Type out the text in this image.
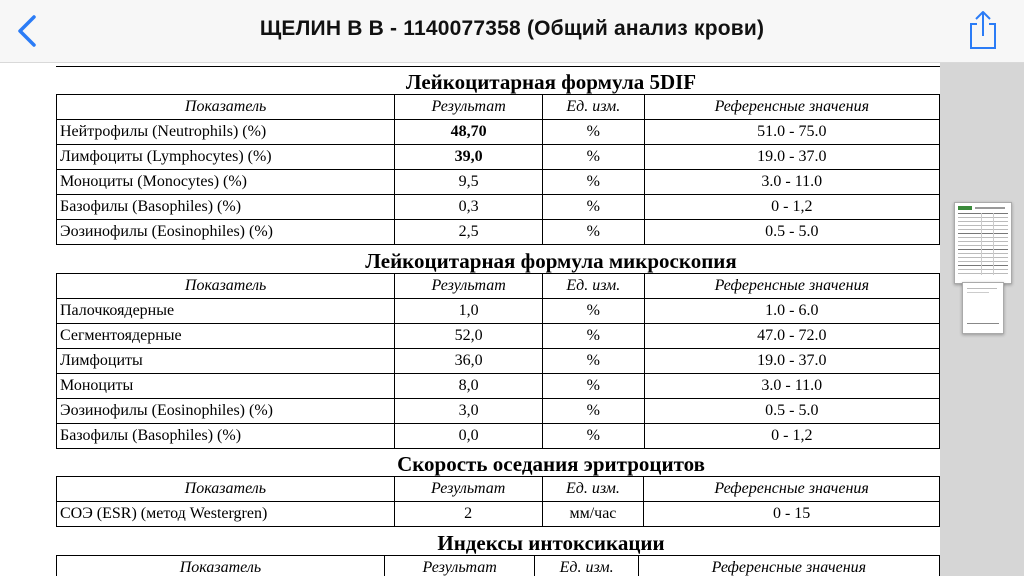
ЩЕЛИН В В - 1140077358 (Общий анализ крови)
Лейкоцитарная формула 5DIF
Показатель	Результат	Ед. изм.	Референсные значения
Нейтрофилы (Neutrophils) (%)	48,70	%	51.0 - 75.0
Лимфоциты (Lymphocytes) (%)	39,0	%	19.0 - 37.0
Моноциты (Monocytes) (%)	9,5	%	3.0 - 11.0
Базофилы (Basophiles) (%)	0,3	%	0 - 1,2
Эозинофилы (Eosinophiles) (%)	2,5	%	0.5 - 5.0
Лейкоцитарная формула микроскопия
Показатель	Результат	Ед. изм.	Референсные значения
Палочкоядерные	1,0	%	1.0 - 6.0
Сегментоядерные	52,0	%	47.0 - 72.0
Лимфоциты	36,0	%	19.0 - 37.0
Моноциты	8,0	%	3.0 - 11.0
Эозинофилы (Eosinophiles) (%)	3,0	%	0.5 - 5.0
Базофилы (Basophiles) (%)	0,0	%	0 - 1,2
Скорость оседания эритроцитов
Показатель	Результат	Ед. изм.	Референсные значения
СОЭ (ESR) (метод Westergren)	2	мм/час	0 - 15
Индексы интоксикации
Показатель	Результат	Ед. изм.	Референсные значения
